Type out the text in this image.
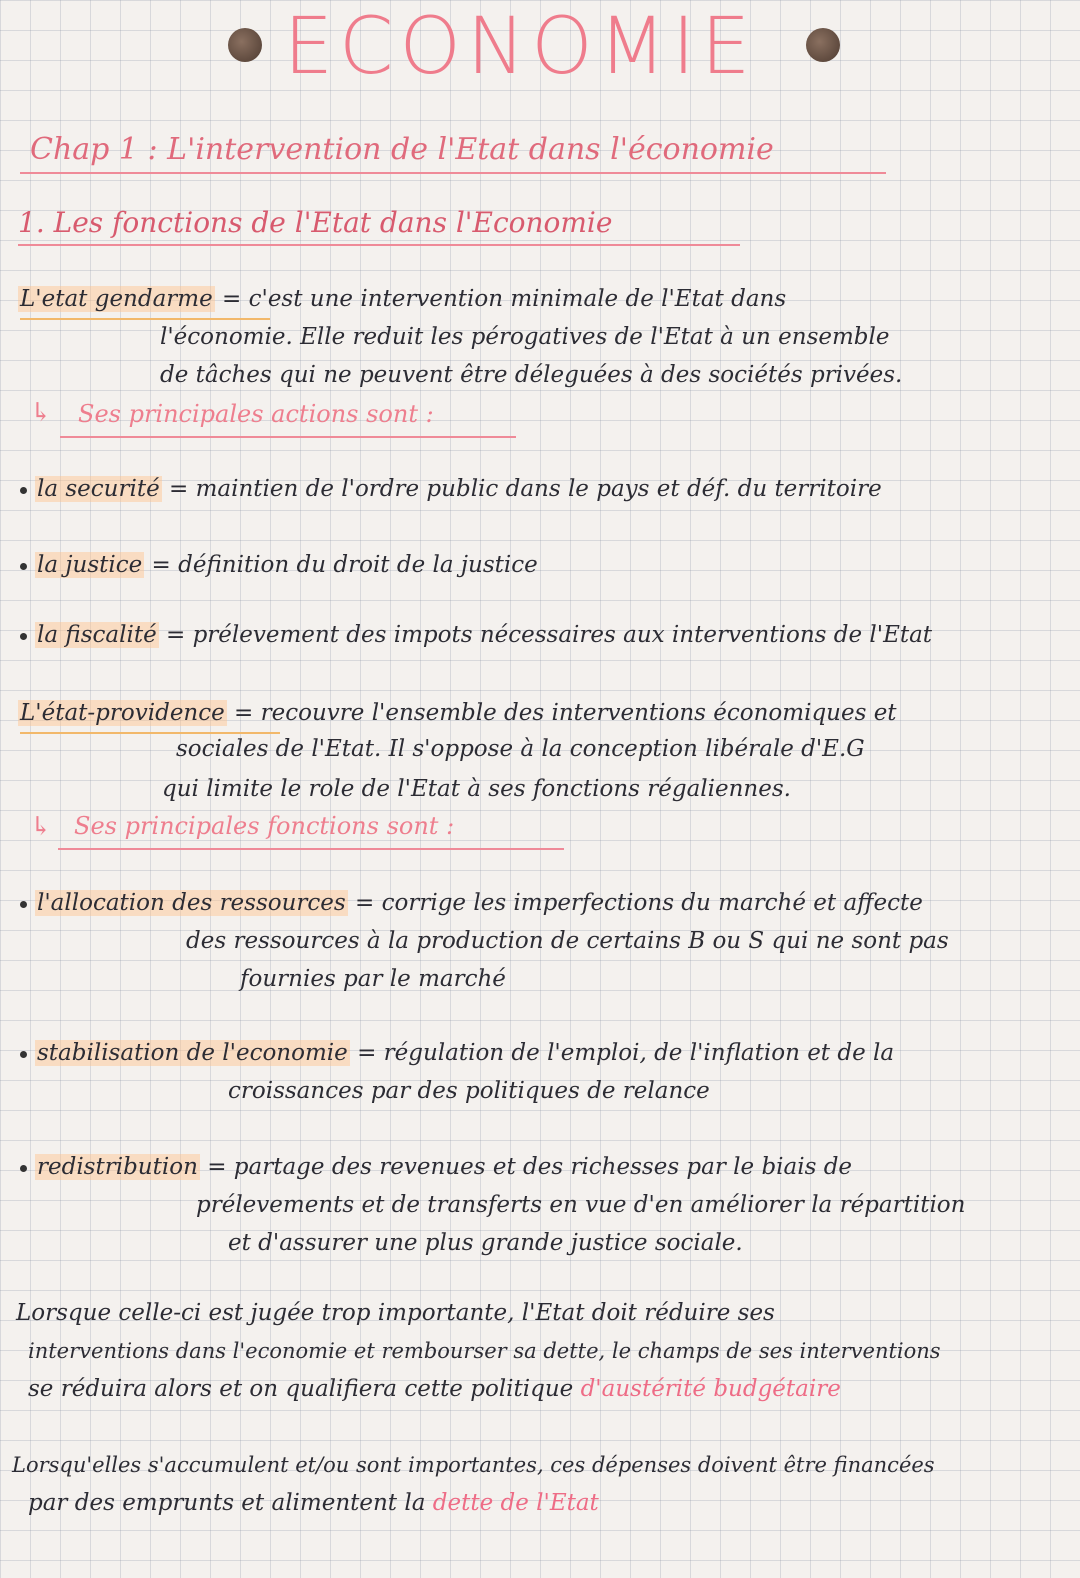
ECONOMIE
Chap 1 : L'intervention de l'Etat dans l'économie
1. Les fonctions de l'Etat dans l'Economie
L'etat gendarme = c'est une intervention minimale de l'Etat dans
l'économie. Elle reduit les pérogatives de l'Etat à un ensemble
de tâches qui ne peuvent être déleguées à des sociétés privées.
↳ Ses principales actions sont :
la securité = maintien de l'ordre public dans le pays et déf. du territoire
la justice = définition du droit de la justice
la fiscalité = prélevement des impots nécessaires aux interventions de l'Etat
L'état-providence = recouvre l'ensemble des interventions économiques et
sociales de l'Etat. Il s'oppose à la conception libérale d'E.G
qui limite le role de l'Etat à ses fonctions régaliennes.
↳ Ses principales fonctions sont :
l'allocation des ressources = corrige les imperfections du marché et affecte
des ressources à la production de certains B ou S qui ne sont pas
fournies par le marché
stabilisation de l'economie = régulation de l'emploi, de l'inflation et de la
croissances par des politiques de relance
redistribution = partage des revenues et des richesses par le biais de
prélevements et de transferts en vue d'en améliorer la répartition
et d'assurer une plus grande justice sociale.
Lorsque celle-ci est jugée trop importante, l'Etat doit réduire ses
interventions dans l'economie et rembourser sa dette, le champs de ses interventions
se réduira alors et on qualifiera cette politique d'austérité budgétaire
Lorsqu'elles s'accumulent et/ou sont importantes, ces dépenses doivent être financées
par des emprunts et alimentent la dette de l'Etat
